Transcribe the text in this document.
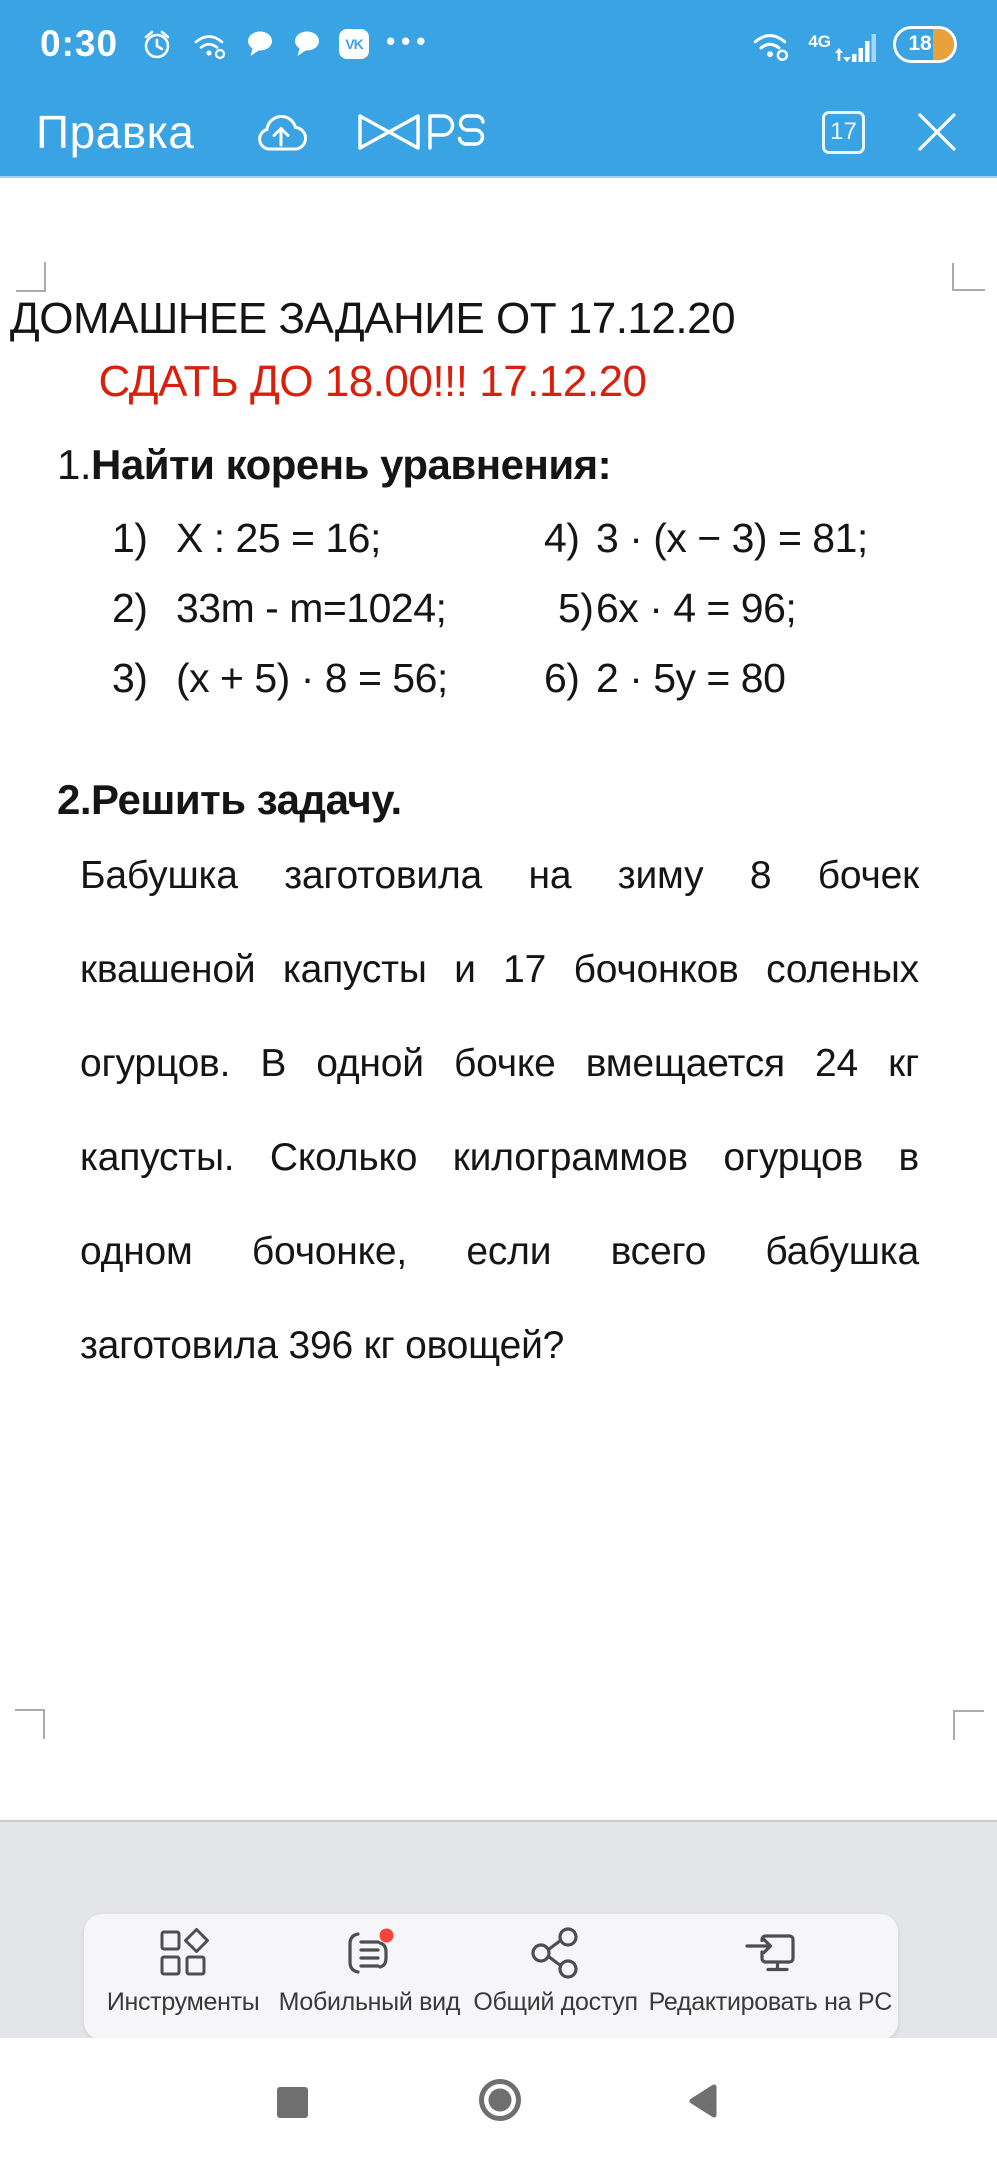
0:30	VK •••	4G	18
Правка	17
ДОМАШНЕЕ ЗАДАНИЕ ОТ 17.12.20
СДАТЬ ДО 18.00!!! 17.12.20
1.Найти корень уравнения:
1) X : 25 = 16;	4) 3 · (x − 3) = 81;
2) 33m - m=1024;	5) 6x · 4 = 96;
3) (x + 5) · 8 = 56;	6) 2 · 5y = 80
2.Решить задачу.
Бабушка заготовила на зиму 8 бочек
квашеной капусты и 17 бочонков соленых
огурцов. В одной бочке вмещается 24 кг
капусты. Сколько килограммов огурцов в
одном бочонке, если всего бабушка
заготовила 396 кг овощей?
Инструменты Мобильный вид Общий доступ Редактировать на PC
